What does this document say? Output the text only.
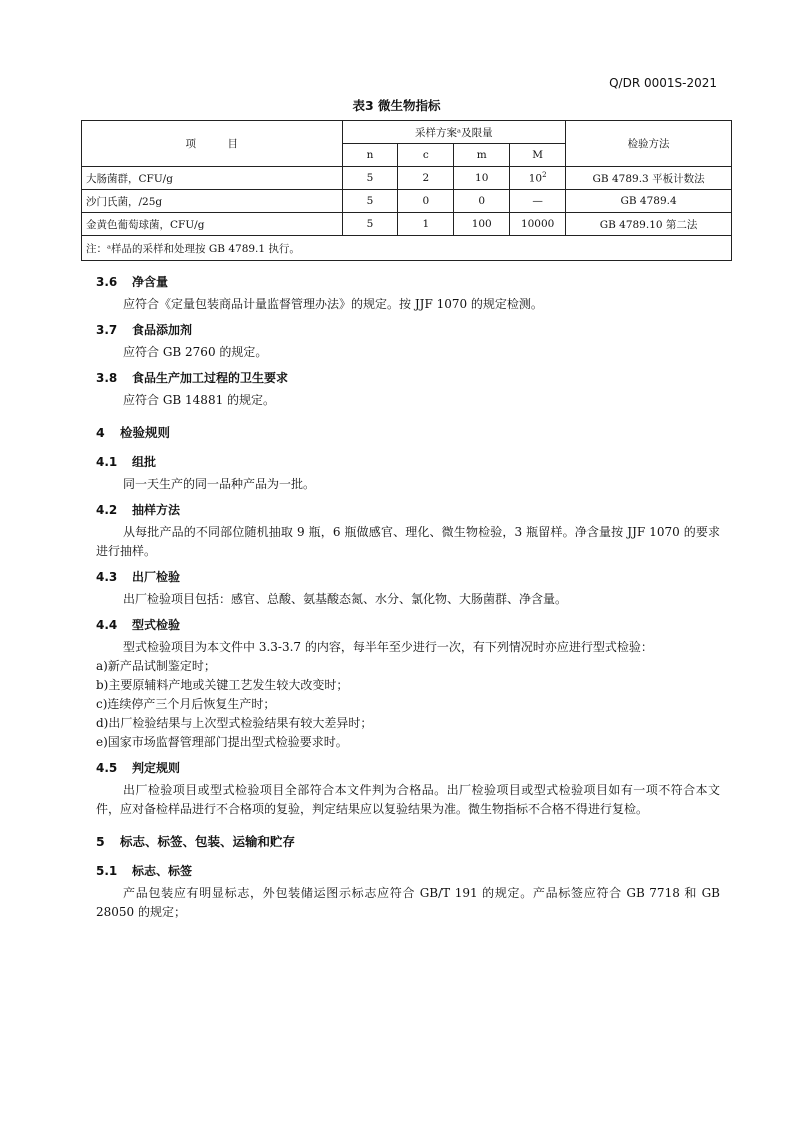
Q/DR 0001S-2021
表3 微生物指标
项　　　目	采样方案ᵃ及限量				检验方法
	n	c	m	M	
大肠菌群，CFU/g	5	2	10	$10^2$	GB 4789.3 平板计数法
沙门氏菌，/25g	5	0	0	—	GB 4789.4
金黄色葡萄球菌，CFU/g	5	1	100	10000	GB 4789.10 第二法
注：ᵃ样品的采样和处理按 GB 4789.1 执行。					
3.6 净含量
应符合《定量包装商品计量监督管理办法》的规定。按 JJF 1070 的规定检测。
3.7 食品添加剂
应符合 GB 2760 的规定。
3.8 食品生产加工过程的卫生要求
应符合 GB 14881 的规定。
4 检验规则
4.1 组批
同一天生产的同一品种产品为一批。
4.2 抽样方法
从每批产品的不同部位随机抽取 9 瓶，6 瓶做感官、理化、微生物检验，3 瓶留样。净含量按 JJF 1070 的要求进行抽样。
4.3 出厂检验
出厂检验项目包括：感官、总酸、氨基酸态氮、水分、氯化物、大肠菌群、净含量。
4.4 型式检验
型式检验项目为本文件中 3.3-3.7 的内容，每半年至少进行一次，有下列情况时亦应进行型式检验：
a)新产品试制鉴定时；
b)主要原辅料产地或关键工艺发生较大改变时；
c)连续停产三个月后恢复生产时；
d)出厂检验结果与上次型式检验结果有较大差异时；
e)国家市场监督管理部门提出型式检验要求时。
4.5 判定规则
出厂检验项目或型式检验项目全部符合本文件判为合格品。出厂检验项目或型式检验项目如有一项不符合本文件，应对备检样品进行不合格项的复验，判定结果应以复验结果为准。微生物指标不合格不得进行复检。
5 标志、标签、包装、运输和贮存
5.1 标志、标签
产品包装应有明显标志，外包装储运图示标志应符合 GB/T 191 的规定。产品标签应符合 GB 7718 和 GB 28050 的规定；
